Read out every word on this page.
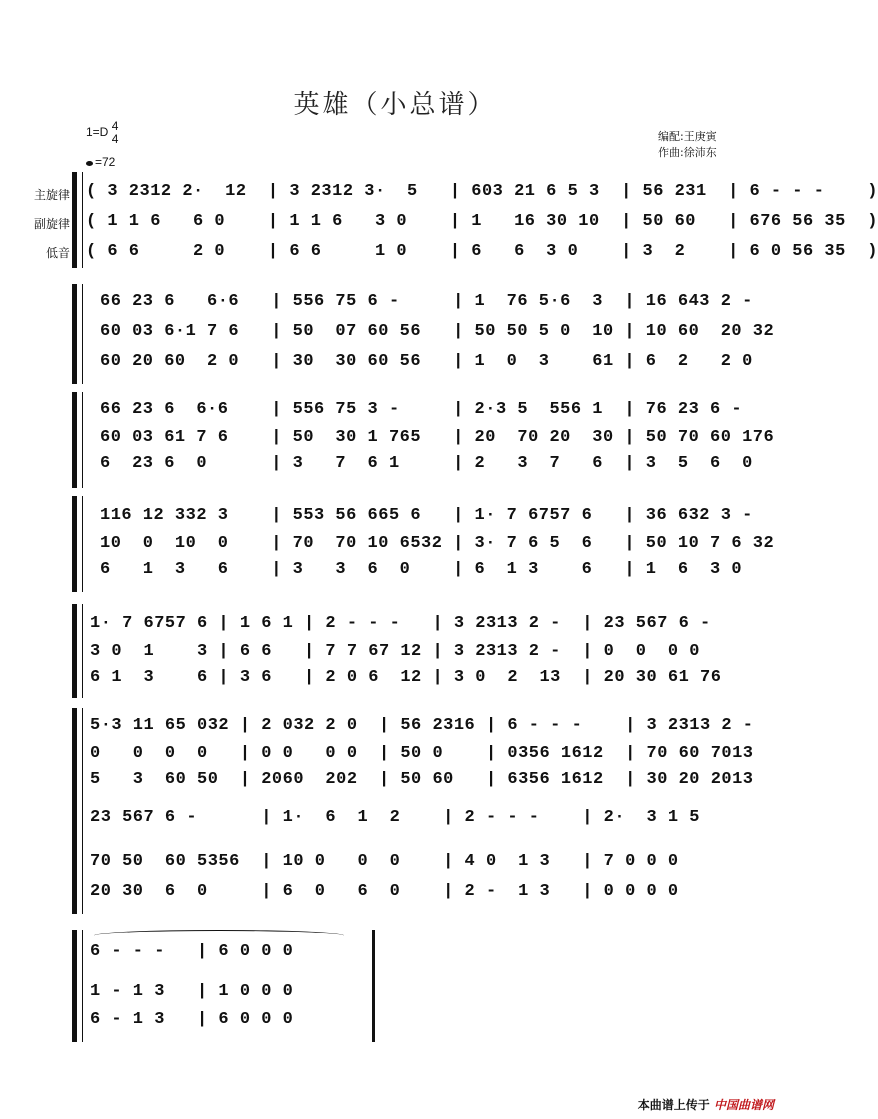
英雄（小总谱）
1=D 4
4
=72
编配:王庚寅
作曲:徐沛东
主旋律
副旋律
低音
( 3 2312 2·  12  | 3 2312 3·  5   | 603 21 6 5 3  | 56 231  | 6 - - -    )
( 1 1 6   6 0    | 1 1 6   3 0    | 1   16 30 10  | 50 60   | 676 56 35  )
( 6 6     2 0    | 6 6     1 0    | 6   6  3 0    | 3  2    | 6 0 56 35  )
66 23 6   6·6   | 556 75 6 -     | 1  76 5·6  3  | 16 643 2 -
60 03 6·1 7 6   | 50  07 60 56   | 50 50 5 0  10 | 10 60  20 32
60 20 60  2 0   | 30  30 60 56   | 1  0  3    61 | 6  2   2 0
66 23 6  6·6    | 556 75 3 -     | 2·3 5  556 1  | 76 23 6 -
60 03 61 7 6    | 50  30 1 765   | 20  70 20  30 | 50 70 60 176
6  23 6  0      | 3   7  6 1     | 2   3  7   6  | 3  5  6  0
116 12 332 3    | 553 56 665 6   | 1· 7 6757 6   | 36 632 3 -
10  0  10  0    | 70  70 10 6532 | 3· 7 6 5  6   | 50 10 7 6 32
6   1  3   6    | 3   3  6  0    | 6  1 3    6   | 1  6  3 0
1· 7 6757 6 | 1 6 1 | 2 - - -   | 3 2313 2 -  | 23 567 6 -
3 0  1    3 | 6 6   | 7 7 67 12 | 3 2313 2 -  | 0  0  0 0
6 1  3    6 | 3 6   | 2 0 6  12 | 3 0  2  13  | 20 30 61 76
5·3 11 65 032 | 2 032 2 0  | 56 2316 | 6 - - -    | 3 2313 2 -
0   0  0  0   | 0 0   0 0  | 50 0    | 0356 1612  | 70 60 7013
5   3  60 50  | 2060  202  | 50 60   | 6356 1612  | 30 20 2013
23 567 6 -      | 1·  6  1  2    | 2 - - -    | 2·  3 1 5
70 50  60 5356  | 10 0   0  0    | 4 0  1 3   | 7 0 0 0
20 30  6  0     | 6  0   6  0    | 2 -  1 3   | 0 0 0 0
6 - - -   | 6 0 0 0
1 - 1 3   | 1 0 0 0
6 - 1 3   | 6 0 0 0
本曲谱上传于 中国曲谱网
